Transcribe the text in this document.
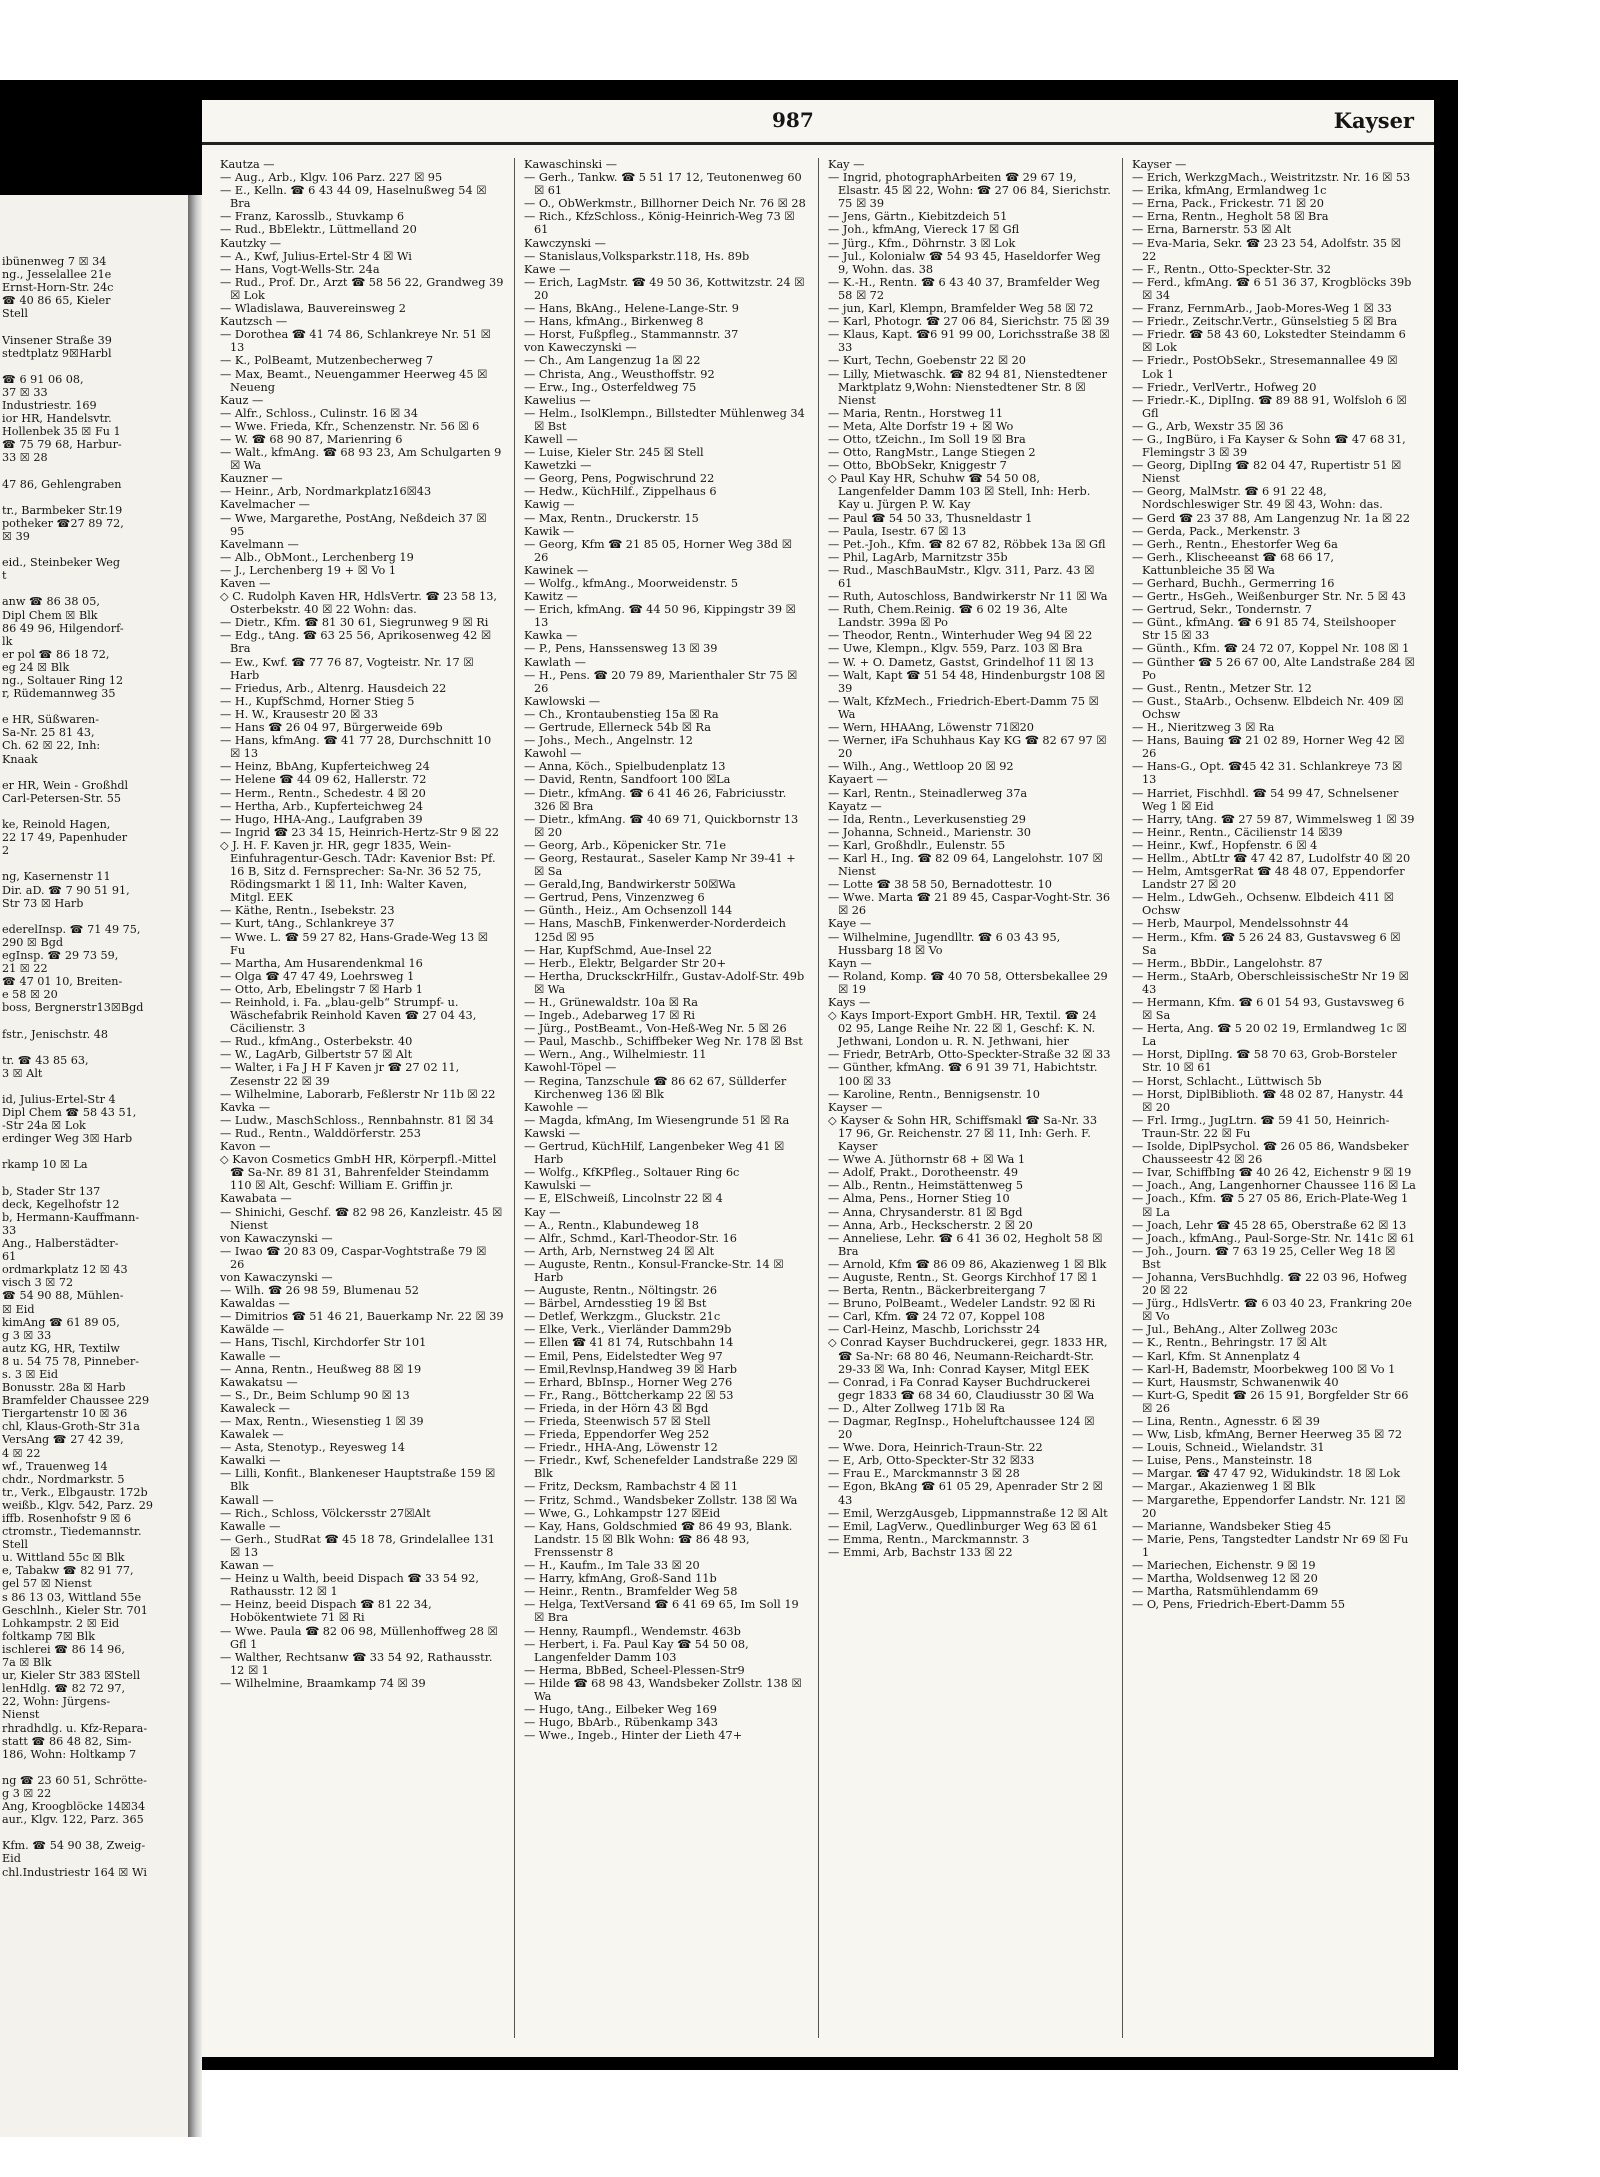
ibünenweg 7 ☒ 34
ng., Jesselallee 21e
Ernst-Horn-Str. 24c
☎ 40 86 65, Kieler
Stell

Vinsener Straße 39
stedtplatz 9☒Harbl

☎ 6 91 06 08,
37 ☒ 33
Industriestr. 169
ior HR, Handelsvtr.
Hollenbek 35 ☒ Fu 1
☎ 75 79 68, Harbur-
33 ☒ 28

47 86, Gehlengraben

tr., Barmbeker Str.19
potheker ☎27 89 72,
☒ 39

eid., Steinbeker Weg
t

anw ☎ 86 38 05,
Dipl Chem ☒ Blk
86 49 96, Hilgendorf-
lk
er pol ☎ 86 18 72,
eg 24 ☒ Blk
ng., Soltauer Ring 12
r, Rüdemannweg 35

e HR, Süßwaren-
Sa-Nr. 25 81 43,
Ch. 62 ☒ 22, Inh:
Knaak

er HR, Wein - Großhdl
Carl-Petersen-Str. 55

ke, Reinold Hagen,
22 17 49, Papenhuder
2

ng, Kasernenstr 11
Dir. aD. ☎ 7 90 51 91,
Str 73 ☒ Harb

ederelInsp. ☎ 71 49 75,
290 ☒ Bgd
egInsp. ☎ 29 73 59,
21 ☒ 22
☎ 47 01 10, Breiten-
e 58 ☒ 20
boss, Bergnerstr13☒Bgd

fstr., Jenischstr. 48

tr. ☎ 43 85 63,
3 ☒ Alt

id, Julius-Ertel-Str 4
Dipl Chem ☎ 58 43 51,
-Str 24a ☒ Lok
erdinger Weg 3☒ Harb

rkamp 10 ☒ La

b, Stader Str 137
deck, Kegelhofstr 12
b, Hermann-Kauffmann-
33
Ang., Halberstädter-
61
ordmarkplatz 12 ☒ 43
visch 3 ☒ 72
☎ 54 90 88, Mühlen-
☒ Eid
kimAng ☎ 61 89 05,
g 3 ☒ 33
autz KG, HR, Textilw
8 u. 54 75 78, Pinneber-
s. 3 ☒ Eid
Bonusstr. 28a ☒ Harb
Bramfelder Chaussee 229
Tiergartenstr 10 ☒ 36
chl, Klaus-Groth-Str 31a
VersAng ☎ 27 42 39,
4 ☒ 22
wf., Trauenweg 14
chdr., Nordmarkstr. 5
tr., Verk., Elbgaustr. 172b
weißb., Klgv. 542, Parz. 29
iffb. Rosenhofstr 9 ☒ 6
ctromstr., Tiedemannstr.
Stell
u. Wittland 55c ☒ Blk
e, Tabakw ☎ 82 91 77,
gel 57 ☒ Nienst
s 86 13 03, Wittland 55e
Geschlnh., Kieler Str. 701
Lohkampstr. 2 ☒ Eid
foltkamp 7☒ Blk
ischlerei ☎ 86 14 96,
7a ☒ Blk
ur, Kieler Str 383 ☒Stell
lenHdlg. ☎ 82 72 97,
22, Wohn: Jürgens-
Nienst
rhradhdlg. u. Kfz-Repara-
statt ☎ 86 48 82, Sim-
186, Wohn: Holtkamp 7

ng ☎ 23 60 51, Schrötte-
g 3 ☒ 22
Ang, Kroogblöcke 14☒34
aur., Klgv. 122, Parz. 365

Kfm. ☎ 54 90 38, Zweig-
Eid
chl.Industriestr 164 ☒ Wi
987	Kayser
Kautza —
— Aug., Arb., Klgv. 106 Parz. 227 ☒ 95
— E., Kelln. ☎ 6 43 44 09, Haselnußweg 54 ☒ Bra
— Franz, Karosslb., Stuvkamp 6
— Rud., BbElektr., Lüttmelland 20
Kautzky —
— A., Kwf, Julius-Ertel-Str 4 ☒ Wi
— Hans, Vogt-Wells-Str. 24a
— Rud., Prof. Dr., Arzt ☎ 58 56 22, Grandweg 39 ☒ Lok
— Wladislawa, Bauvereinsweg 2
Kautzsch —
— Dorothea ☎ 41 74 86, Schlankreye Nr. 51 ☒ 13
— K., PolBeamt, Mutzenbecherweg 7
— Max, Beamt., Neuengammer Heerweg 45 ☒ Neueng
Kauz —
— Alfr., Schloss., Culinstr. 16 ☒ 34
— Wwe. Frieda, Kfr., Schenzenstr. Nr. 56 ☒ 6
— W. ☎ 68 90 87, Marienring 6
— Walt., kfmAng. ☎ 68 93 23, Am Schulgarten 9 ☒ Wa
Kauzner —
— Heinr., Arb, Nordmarkplatz16☒43
Kavelmacher —
— Wwe, Margarethe, PostAng, Neßdeich 37 ☒ 95
Kavelmann —
— Alb., ObMont., Lerchenberg 19
— J., Lerchenberg 19 + ☒ Vo 1
Kaven —
◇ C. Rudolph Kaven HR, HdlsVertr. ☎ 23 58 13, Osterbekstr. 40 ☒ 22 Wohn: das.
— Dietr., Kfm. ☎ 81 30 61, Siegrunweg 9 ☒ Ri
— Edg., tAng. ☎ 63 25 56, Aprikosenweg 42 ☒ Bra
— Ew., Kwf. ☎ 77 76 87, Vogteistr. Nr. 17 ☒ Harb
— Friedus, Arb., Altenrg. Hausdeich 22
— H., KupfSchmd, Horner Stieg 5
— H. W., Krausestr 20 ☒ 33
— Hans ☎ 26 04 97, Bürgerweide 69b
— Hans, kfmAng. ☎ 41 77 28, Durchschnitt 10 ☒ 13
— Heinz, BbAng, Kupferteichweg 24
— Helene ☎ 44 09 62, Hallerstr. 72
— Herm., Rentn., Schedestr. 4 ☒ 20
— Hertha, Arb., Kupferteichweg 24
— Hugo, HHA-Ang., Laufgraben 39
— Ingrid ☎ 23 34 15, Heinrich-Hertz-Str 9 ☒ 22
◇ J. H. F. Kaven jr. HR, gegr 1835, Wein-Einfuhragentur-Gesch. TAdr: Kavenior Bst: Pf. 16 B, Sitz d. Fernsprecher: Sa-Nr. 36 52 75, Rödingsmarkt 1 ☒ 11, Inh: Walter Kaven, Mitgl. EEK
— Käthe, Rentn., Isebekstr. 23
— Kurt, tAng., Schlankreye 37
— Wwe. L. ☎ 59 27 82, Hans-Grade-Weg 13 ☒ Fu
— Martha, Am Husarendenkmal 16
— Olga ☎ 47 47 49, Loehrsweg 1
— Otto, Arb, Ebelingstr 7 ☒ Harb 1
— Reinhold, i. Fa. „blau-gelb“ Strumpf- u. Wäschefabrik Reinhold Kaven ☎ 27 04 43, Cäcilienstr. 3
— Rud., kfmAng., Osterbekstr. 40
— W., LagArb, Gilbertstr 57 ☒ Alt
— Walter, i Fa J H F Kaven jr ☎ 27 02 11, Zesenstr 22 ☒ 39
— Wilhelmine, Laborarb, Feßlerstr Nr 11b ☒ 22
Kavka —
— Ludw., MaschSchloss., Rennbahnstr. 81 ☒ 34
— Rud., Rentn., Walddörferstr. 253
Kavon —
◇ Kavon Cosmetics GmbH HR, Körperpfl.-Mittel ☎ Sa-Nr. 89 81 31, Bahrenfelder Steindamm 110 ☒ Alt, Geschf: William E. Griffin jr.
Kawabata —
— Shinichi, Geschf. ☎ 82 98 26, Kanzleistr. 45 ☒ Nienst
von Kawaczynski —
— Iwao ☎ 20 83 09, Caspar-Voghtstraße 79 ☒ 26
von Kawaczynski —
— Wilh. ☎ 26 98 59, Blumenau 52
Kawaldas —
— Dimitrios ☎ 51 46 21, Bauerkamp Nr. 22 ☒ 39
Kawälde —
— Hans, Tischl, Kirchdorfer Str 101
Kawalle —
— Anna, Rentn., Heußweg 88 ☒ 19
Kawakatsu —
— S., Dr., Beim Schlump 90 ☒ 13
Kawaleck —
— Max, Rentn., Wiesenstieg 1 ☒ 39
Kawalek —
— Asta, Stenotyp., Reyesweg 14
Kawalki —
— Lilli, Konfit., Blankeneser Hauptstraße 159 ☒ Blk
Kawall —
— Rich., Schloss, Völckersstr 27☒Alt
Kawalle —
— Gerh., StudRat ☎ 45 18 78, Grindelallee 131 ☒ 13
Kawan —
— Heinz u Walth, beeid Dispach ☎ 33 54 92, Rathausstr. 12 ☒ 1
— Heinz, beeid Dispach ☎ 81 22 34, Hobökentwiete 71 ☒ Ri
— Wwe. Paula ☎ 82 06 98, Müllenhoffweg 28 ☒ Gfl 1
— Walther, Rechtsanw ☎ 33 54 92, Rathausstr. 12 ☒ 1
— Wilhelmine, Braamkamp 74 ☒ 39
Kawaschinski —
— Gerh., Tankw. ☎ 5 51 17 12, Teutonenweg 60 ☒ 61
— O., ObWerkmstr., Billhorner Deich Nr. 76 ☒ 28
— Rich., KfzSchloss., König-Heinrich-Weg 73 ☒ 61
Kawczynski —
— Stanislaus,Volksparkstr.118, Hs. 89b
Kawe —
— Erich, LagMstr. ☎ 49 50 36, Kottwitzstr. 24 ☒ 20
— Hans, BkAng., Helene-Lange-Str. 9
— Hans, kfmAng., Birkenweg 8
— Horst, Fußpfleg., Stammannstr. 37
von Kaweczynski —
— Ch., Am Langenzug 1a ☒ 22
— Christa, Ang., Weusthoffstr. 92
— Erw., Ing., Osterfeldweg 75
Kawelius —
— Helm., IsolKlempn., Billstedter Mühlenweg 34 ☒ Bst
Kawell —
— Luise, Kieler Str. 245 ☒ Stell
Kawetzki —
— Georg, Pens, Pogwischrund 22
— Hedw., KüchHilf., Zippelhaus 6
Kawig —
— Max, Rentn., Druckerstr. 15
Kawik —
— Georg, Kfm ☎ 21 85 05, Horner Weg 38d ☒ 26
Kawinek —
— Wolfg., kfmAng., Moorweidenstr. 5
Kawitz —
— Erich, kfmAng. ☎ 44 50 96, Kippingstr 39 ☒ 13
Kawka —
— P., Pens, Hanssensweg 13 ☒ 39
Kawlath —
— H., Pens. ☎ 20 79 89, Marienthaler Str 75 ☒ 26
Kawlowski —
— Ch., Krontaubenstieg 15a ☒ Ra
— Gertrude, Ellerneck 54b ☒ Ra
— Johs., Mech., Angelnstr. 12
Kawohl —
— Anna, Köch., Spielbudenplatz 13
— David, Rentn, Sandfoort 100 ☒La
— Dietr., kfmAng. ☎ 6 41 46 26, Fabriciusstr. 326 ☒ Bra
— Dietr., kfmAng. ☎ 40 69 71, Quickbornstr 13 ☒ 20
— Georg, Arb., Köpenicker Str. 71e
— Georg, Restaurat., Saseler Kamp Nr 39-41 + ☒ Sa
— Gerald,Ing, Bandwirkerstr 50☒Wa
— Gertrud, Pens, Vinzenzweg 6
— Günth., Heiz., Am Ochsenzoll 144
— Hans, MaschB, Finkenwerder-Norderdeich 125d ☒ 95
— Har, KupfSchmd, Aue-Insel 22
— Herb., Elektr, Belgarder Str 20+
— Hertha, DrucksckrHilfr., Gustav-Adolf-Str. 49b ☒ Wa
— H., Grünewaldstr. 10a ☒ Ra
— Ingeb., Adebarweg 17 ☒ Ri
— Jürg., PostBeamt., Von-Heß-Weg Nr. 5 ☒ 26
— Paul, Maschb., Schiffbeker Weg Nr. 178 ☒ Bst
— Wern., Ang., Wilhelmiestr. 11
Kawohl-Töpel —
— Regina, Tanzschule ☎ 86 62 67, Süllderfer Kirchenweg 136 ☒ Blk
Kawohle —
— Magda, kfmAng, Im Wiesengrunde 51 ☒ Ra
Kawski —
— Gertrud, KüchHilf, Langenbeker Weg 41 ☒ Harb
— Wolfg., KfKPfleg., Soltauer Ring 6c
Kawulski —
— E, ElSchweiß, Lincolnstr 22 ☒ 4
Kay —
— A., Rentn., Klabundeweg 18
— Alfr., Schmd., Karl-Theodor-Str. 16
— Arth, Arb, Nernstweg 24 ☒ Alt
— Auguste, Rentn., Konsul-Francke-Str. 14 ☒ Harb
— Auguste, Rentn., Nöltingstr. 26
— Bärbel, Arndesstieg 19 ☒ Bst
— Detlef, Werkzgm., Gluckstr. 21c
— Elke, Verk., Vierländer Damm29b
— Ellen ☎ 41 81 74, Rutschbahn 14
— Emil, Pens, Eidelstedter Weg 97
— Emil,Revlnsp,Handweg 39 ☒ Harb
— Erhard, BbInsp., Horner Weg 276
— Fr., Rang., Böttcherkamp 22 ☒ 53
— Frieda, in der Hörn 43 ☒ Bgd
— Frieda, Steenwisch 57 ☒ Stell
— Frieda, Eppendorfer Weg 252
— Friedr., HHA-Ang, Löwenstr 12
— Friedr., Kwf, Schenefelder Landstraße 229 ☒ Blk
— Fritz, Decksm, Rambachstr 4 ☒ 11
— Fritz, Schmd., Wandsbeker Zollstr. 138 ☒ Wa
— Wwe, G., Lohkampstr 127 ☒Eid
— Kay, Hans, Goldschmied ☎ 86 49 93, Blank. Landstr. 15 ☒ Blk Wohn: ☎ 86 48 93, Frenssenstr 8
— H., Kaufm., Im Tale 33 ☒ 20
— Harry, kfmAng, Groß-Sand 11b
— Heinr., Rentn., Bramfelder Weg 58
— Helga, TextVersand ☎ 6 41 69 65, Im Soll 19 ☒ Bra
— Henny, Raumpfl., Wendemstr. 463b
— Herbert, i. Fa. Paul Kay ☎ 54 50 08, Langenfelder Damm 103
— Herma, BbBed, Scheel-Plessen-Str9
— Hilde ☎ 68 98 43, Wandsbeker Zollstr. 138 ☒ Wa
— Hugo, tAng., Eilbeker Weg 169
— Hugo, BbArb., Rübenkamp 343
— Wwe., Ingeb., Hinter der Lieth 47+
Kay —
— Ingrid, photographArbeiten ☎ 29 67 19, Elsastr. 45 ☒ 22, Wohn: ☎ 27 06 84, Sierichstr. 75 ☒ 39
— Jens, Gärtn., Kiebitzdeich 51
— Joh., kfmAng, Viereck 17 ☒ Gfl
— Jürg., Kfm., Döhrnstr. 3 ☒ Lok
— Jul., Kolonialw ☎ 54 93 45, Haseldorfer Weg 9, Wohn. das. 38
— K.-H., Rentn. ☎ 6 43 40 37, Bramfelder Weg 58 ☒ 72
— jun, Karl, Klempn, Bramfelder Weg 58 ☒ 72
— Karl, Photogr. ☎ 27 06 84, Sierichstr. 75 ☒ 39
— Klaus, Kapt. ☎6 91 99 00, Lorichsstraße 38 ☒ 33
— Kurt, Techn, Goebenstr 22 ☒ 20
— Lilly, Mietwaschk. ☎ 82 94 81, Nienstedtener Marktplatz 9,Wohn: Nienstedtener Str. 8 ☒ Nienst
— Maria, Rentn., Horstweg 11
— Meta, Alte Dorfstr 19 + ☒ Wo
— Otto, tZeichn., Im Soll 19 ☒ Bra
— Otto, RangMstr., Lange Stiegen 2
— Otto, BbObSekr, Kniggestr 7
◇ Paul Kay HR, Schuhw ☎ 54 50 08, Langenfelder Damm 103 ☒ Stell, Inh: Herb. Kay u. Jürgen P. W. Kay
— Paul ☎ 54 50 33, Thusneldastr 1
— Paula, Isestr. 67 ☒ 13
— Pet.-Joh., Kfm. ☎ 82 67 82, Röbbek 13a ☒ Gfl
— Phil, LagArb, Marnitzstr 35b
— Rud., MaschBauMstr., Klgv. 311, Parz. 43 ☒ 61
— Ruth, Autoschloss, Bandwirkerstr Nr 11 ☒ Wa
— Ruth, Chem.Reinig. ☎ 6 02 19 36, Alte Landstr. 399a ☒ Po
— Theodor, Rentn., Winterhuder Weg 94 ☒ 22
— Uwe, Klempn., Klgv. 559, Parz. 103 ☒ Bra
— W. + O. Dametz, Gastst, Grindelhof 11 ☒ 13
— Walt, Kapt ☎ 51 54 48, Hindenburgstr 108 ☒ 39
— Walt, KfzMech., Friedrich-Ebert-Damm 75 ☒ Wa
— Wern, HHAAng, Löwenstr 71☒20
— Werner, iFa Schuhhaus Kay KG ☎ 82 67 97 ☒ 20
— Wilh., Ang., Wettloop 20 ☒ 92
Kayaert —
— Karl, Rentn., Steinadlerweg 37a
Kayatz —
— Ida, Rentn., Leverkusenstieg 29
— Johanna, Schneid., Marienstr. 30
— Karl, Großhdlr., Eulenstr. 55
— Karl H., Ing. ☎ 82 09 64, Langelohstr. 107 ☒ Nienst
— Lotte ☎ 38 58 50, Bernadottestr. 10
— Wwe. Marta ☎ 21 89 45, Caspar-Voght-Str. 36 ☒ 26
Kaye —
— Wilhelmine, Jugendlltr. ☎ 6 03 43 95, Hussbarg 18 ☒ Vo
Kayn —
— Roland, Komp. ☎ 40 70 58, Ottersbekallee 29 ☒ 19
Kays —
◇ Kays Import-Export GmbH. HR, Textil. ☎ 24 02 95, Lange Reihe Nr. 22 ☒ 1, Geschf: K. N. Jethwani, London u. R. N. Jethwani, hier
— Friedr, BetrArb, Otto-Speckter-Straße 32 ☒ 33
— Günther, kfmAng. ☎ 6 91 39 71, Habichtstr. 100 ☒ 33
— Karoline, Rentn., Bennigsenstr. 10
Kayser —
◇ Kayser & Sohn HR, Schiffsmakl ☎ Sa-Nr. 33 17 96, Gr. Reichenstr. 27 ☒ 11, Inh: Gerh. F. Kayser
— Wwe A. Jüthornstr 68 + ☒ Wa 1
— Adolf, Prakt., Dorotheenstr. 49
— Alb., Rentn., Heimstättenweg 5
— Alma, Pens., Horner Stieg 10
— Anna, Chrysanderstr. 81 ☒ Bgd
— Anna, Arb., Heckscherstr. 2 ☒ 20
— Anneliese, Lehr. ☎ 6 41 36 02, Hegholt 58 ☒ Bra
— Arnold, Kfm ☎ 86 09 86, Akazienweg 1 ☒ Blk
— Auguste, Rentn., St. Georgs Kirchhof 17 ☒ 1
— Berta, Rentn., Bäckerbreitergang 7
— Bruno, PolBeamt., Wedeler Landstr. 92 ☒ Ri
— Carl, Kfm. ☎ 24 72 07, Koppel 108
— Carl-Heinz, Maschb, Lorichsstr 24
◇ Conrad Kayser Buchdruckerei, gegr. 1833 HR, ☎ Sa-Nr: 68 80 46, Neumann-Reichardt-Str. 29-33 ☒ Wa, Inh: Conrad Kayser, Mitgl EEK
— Conrad, i Fa Conrad Kayser Buchdruckerei gegr 1833 ☎ 68 34 60, Claudiusstr 30 ☒ Wa
— D., Alter Zollweg 171b ☒ Ra
— Dagmar, RegInsp., Hoheluftchaussee 124 ☒ 20
— Wwe. Dora, Heinrich-Traun-Str. 22
— E, Arb, Otto-Speckter-Str 32 ☒33
— Frau E., Marckmannstr 3 ☒ 28
— Egon, BkAng ☎ 61 05 29, Apenrader Str 2 ☒ 43
— Emil, WerzgAusgeb, Lippmannstraße 12 ☒ Alt
— Emil, LagVerw., Quedlinburger Weg 63 ☒ 61
— Emma, Rentn., Marckmannstr. 3
— Emmi, Arb, Bachstr 133 ☒ 22
Kayser —
— Erich, WerkzgMach., Weistritzstr. Nr. 16 ☒ 53
— Erika, kfmAng, Ermlandweg 1c
— Erna, Pack., Frickestr. 71 ☒ 20
— Erna, Rentn., Hegholt 58 ☒ Bra
— Erna, Barnerstr. 53 ☒ Alt
— Eva-Maria, Sekr. ☎ 23 23 54, Adolfstr. 35 ☒ 22
— F., Rentn., Otto-Speckter-Str. 32
— Ferd., kfmAng. ☎ 6 51 36 37, Krogblöcks 39b ☒ 34
— Franz, FernmArb., Jaob-Mores-Weg 1 ☒ 33
— Friedr., Zeitschr.Vertr., Günselstieg 5 ☒ Bra
— Friedr. ☎ 58 43 60, Lokstedter Steindamm 6 ☒ Lok
— Friedr., PostObSekr., Stresemannallee 49 ☒ Lok 1
— Friedr., VerlVertr., Hofweg 20
— Friedr.-K., DiplIng. ☎ 89 88 91, Wolfsloh 6 ☒ Gfl
— G., Arb, Wexstr 35 ☒ 36
— G., IngBüro, i Fa Kayser & Sohn ☎ 47 68 31, Flemingstr 3 ☒ 39
— Georg, DiplIng ☎ 82 04 47, Rupertistr 51 ☒ Nienst
— Georg, MalMstr. ☎ 6 91 22 48, Nordschleswiger Str. 49 ☒ 43, Wohn: das.
— Gerd ☎ 23 37 88, Am Langenzug Nr. 1a ☒ 22
— Gerda, Pack., Merkenstr. 3
— Gerh., Rentn., Ehestorfer Weg 6a
— Gerh., Klischeeanst ☎ 68 66 17, Kattunbleiche 35 ☒ Wa
— Gerhard, Buchh., Germerring 16
— Gertr., HsGeh., Weißenburger Str. Nr. 5 ☒ 43
— Gertrud, Sekr., Tondernstr. 7
— Günt., kfmAng. ☎ 6 91 85 74, Steilshooper Str 15 ☒ 33
— Günth., Kfm. ☎ 24 72 07, Koppel Nr. 108 ☒ 1
— Günther ☎ 5 26 67 00, Alte Landstraße 284 ☒ Po
— Gust., Rentn., Metzer Str. 12
— Gust., StaArb., Ochsenw. Elbdeich Nr. 409 ☒ Ochsw
— H., Nieritzweg 3 ☒ Ra
— Hans, Bauing ☎ 21 02 89, Horner Weg 42 ☒ 26
— Hans-G., Opt. ☎45 42 31. Schlankreye 73 ☒ 13
— Harriet, Fischhdl. ☎ 54 99 47, Schnelsener Weg 1 ☒ Eid
— Harry, tAng. ☎ 27 59 87, Wimmelsweg 1 ☒ 39
— Heinr., Rentn., Cäcilienstr 14 ☒39
— Heinr., Kwf., Hopfenstr. 6 ☒ 4
— Hellm., AbtLtr ☎ 47 42 87, Ludolfstr 40 ☒ 20
— Helm, AmtsgerRat ☎ 48 48 07, Eppendorfer Landstr 27 ☒ 20
— Helm., LdwGeh., Ochsenw. Elbdeich 411 ☒ Ochsw
— Herb, Maurpol, Mendelssohnstr 44
— Herm., Kfm. ☎ 5 26 24 83, Gustavsweg 6 ☒ Sa
— Herm., BbDir., Langelohstr. 87
— Herm., StaArb, OberschleissischeStr Nr 19 ☒ 43
— Hermann, Kfm. ☎ 6 01 54 93, Gustavsweg 6 ☒ Sa
— Herta, Ang. ☎ 5 20 02 19, Ermlandweg 1c ☒ La
— Horst, DiplIng. ☎ 58 70 63, Grob-Borsteler Str. 10 ☒ 61
— Horst, Schlacht., Lüttwisch 5b
— Horst, DiplBiblioth. ☎ 48 02 87, Hanystr. 44 ☒ 20
— Frl. Irmg., JugLtrn. ☎ 59 41 50, Heinrich-Traun-Str. 22 ☒ Fu
— Isolde, DiplPsychol. ☎ 26 05 86, Wandsbeker Chausseestr 42 ☒ 26
— Ivar, SchiffbIng ☎ 40 26 42, Eichenstr 9 ☒ 19
— Joach., Ang, Langenhorner Chaussee 116 ☒ La
— Joach., Kfm. ☎ 5 27 05 86, Erich-Plate-Weg 1 ☒ La
— Joach, Lehr ☎ 45 28 65, Oberstraße 62 ☒ 13
— Joach., kfmAng., Paul-Sorge-Str. Nr. 141c ☒ 61
— Joh., Journ. ☎ 7 63 19 25, Celler Weg 18 ☒ Bst
— Johanna, VersBuchhdlg. ☎ 22 03 96, Hofweg 20 ☒ 22
— Jürg., HdlsVertr. ☎ 6 03 40 23, Frankring 20e ☒ Vo
— Jul., BehAng., Alter Zollweg 203c
— K., Rentn., Behringstr. 17 ☒ Alt
— Karl, Kfm. St Annenplatz 4
— Karl-H, Bademstr, Moorbekweg 100 ☒ Vo 1
— Kurt, Hausmstr, Schwanenwik 40
— Kurt-G, Spedit ☎ 26 15 91, Borgfelder Str 66 ☒ 26
— Lina, Rentn., Agnesstr. 6 ☒ 39
— Ww, Lisb, kfmAng, Berner Heerweg 35 ☒ 72
— Louis, Schneid., Wielandstr. 31
— Luise, Pens., Mansteinstr. 18
— Margar. ☎ 47 47 92, Widukindstr. 18 ☒ Lok
— Margar., Akazienweg 1 ☒ Blk
— Margarethe, Eppendorfer Landstr. Nr. 121 ☒ 20
— Marianne, Wandsbeker Stieg 45
— Marie, Pens, Tangstedter Landstr Nr 69 ☒ Fu 1
— Mariechen, Eichenstr. 9 ☒ 19
— Martha, Woldsenweg 12 ☒ 20
— Martha, Ratsmühlendamm 69
— O, Pens, Friedrich-Ebert-Damm 55
